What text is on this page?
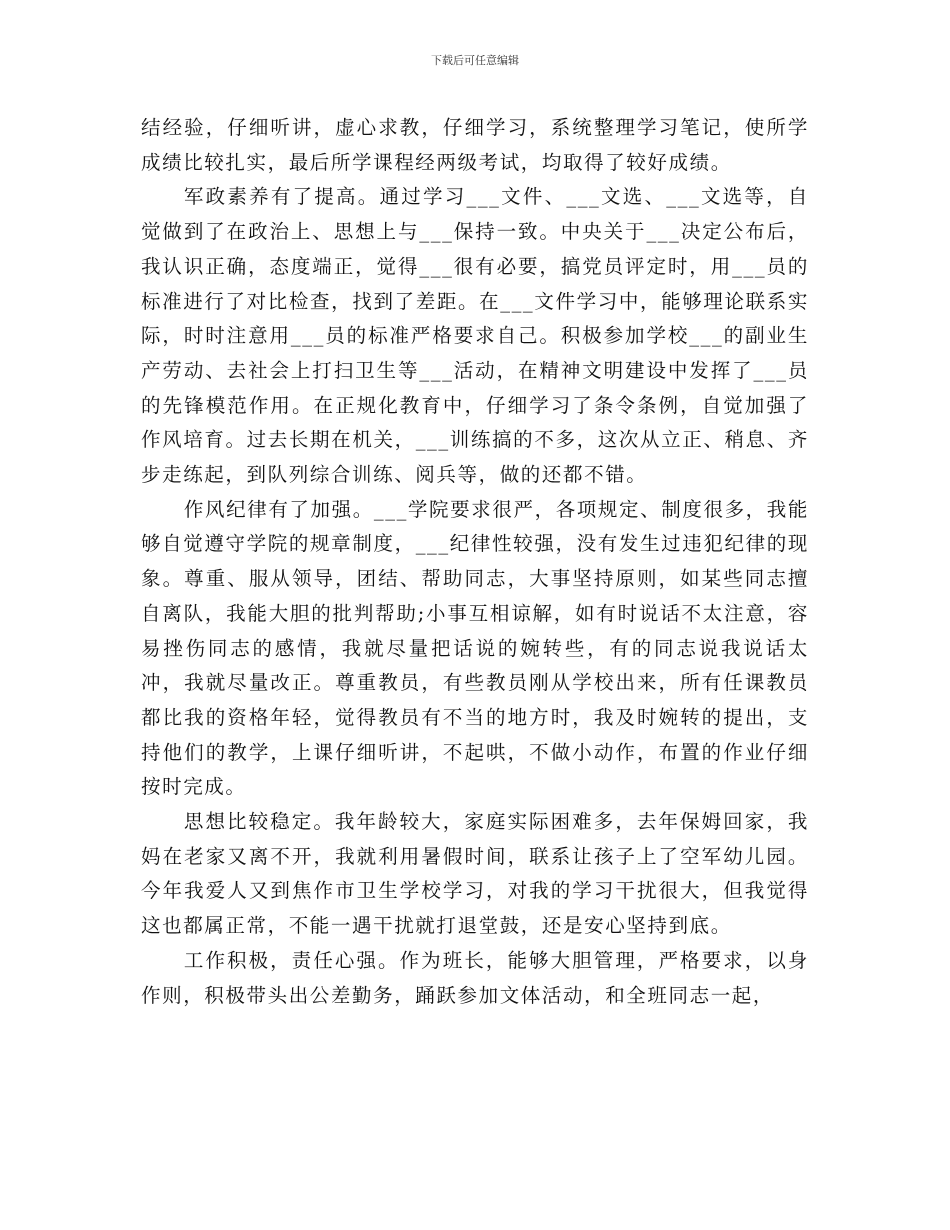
下载后可任意编辑

结经验，仔细听讲，虚心求教，仔细学习，系统整理学习笔记，使所学成绩比较扎实，最后所学课程经两级考试，均取得了较好成绩。

军政素养有了提高。通过学习___文件、___文选、___文选等，自觉做到了在政治上、思想上与___保持一致。中央关于___决定公布后，我认识正确，态度端正，觉得___很有必要，搞党员评定时，用___员的标准进行了对比检查，找到了差距。在___文件学习中，能够理论联系实际，时时注意用___员的标准严格要求自己。积极参加学校___的副业生产劳动、去社会上打扫卫生等___活动，在精神文明建设中发挥了___员的先锋模范作用。在正规化教育中，仔细学习了条令条例，自觉加强了作风培育。过去长期在机关，___训练搞的不多，这次从立正、稍息、齐步走练起，到队列综合训练、阅兵等，做的还都不错。

作风纪律有了加强。___学院要求很严，各项规定、制度很多，我能够自觉遵守学院的规章制度，___纪律性较强，没有发生过违犯纪律的现象。尊重、服从领导，团结、帮助同志，大事坚持原则，如某些同志擅自离队，我能大胆的批判帮助;小事互相谅解，如有时说话不太注意，容易挫伤同志的感情，我就尽量把话说的婉转些，有的同志说我说话太冲，我就尽量改正。尊重教员，有些教员刚从学校出来，所有任课教员都比我的资格年轻，觉得教员有不当的地方时，我及时婉转的提出，支持他们的教学，上课仔细听讲，不起哄，不做小动作，布置的作业仔细按时完成。

思想比较稳定。我年龄较大，家庭实际困难多，去年保姆回家，我妈在老家又离不开，我就利用暑假时间，联系让孩子上了空军幼儿园。今年我爱人又到焦作市卫生学校学习，对我的学习干扰很大，但我觉得这也都属正常，不能一遇干扰就打退堂鼓，还是安心坚持到底。

工作积极，责任心强。作为班长，能够大胆管理，严格要求，以身作则，积极带头出公差勤务，踊跃参加文体活动，和全班同志一起，
